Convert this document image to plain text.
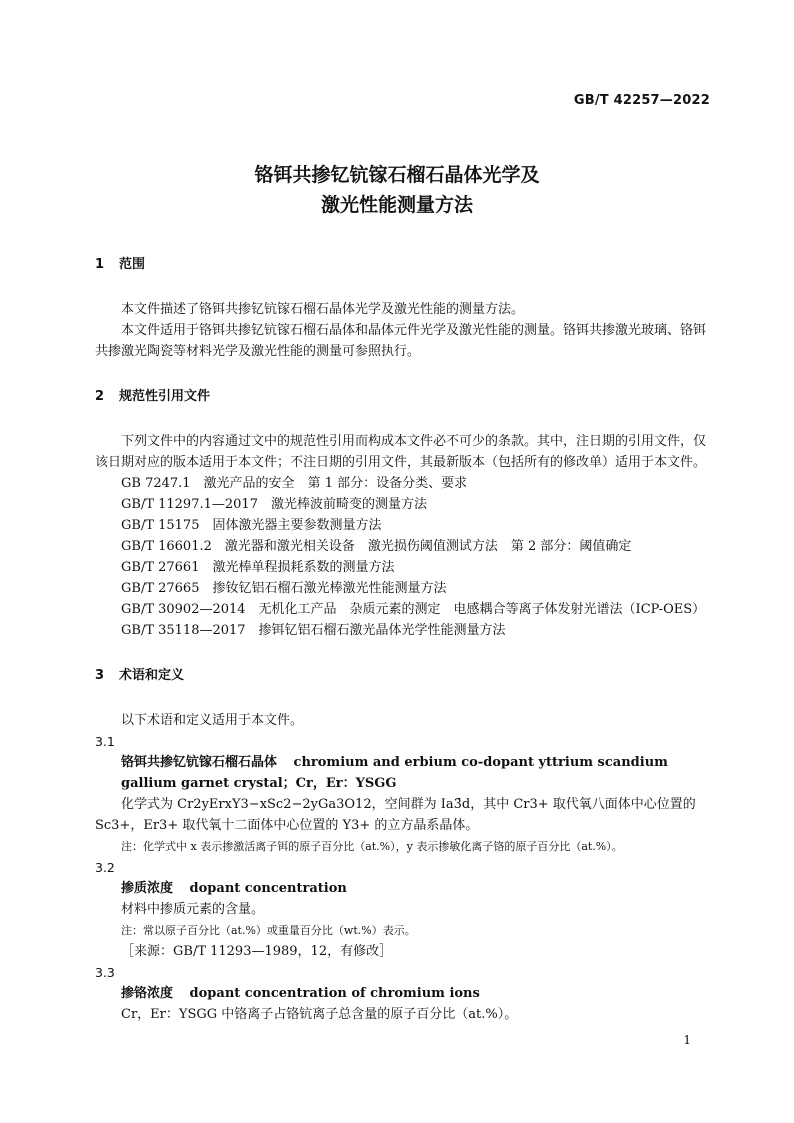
GB/T 42257—2022
铬铒共掺钇钪镓石榴石晶体光学及
激光性能测量方法

1 范围

本文件描述了铬铒共掺钇钪镓石榴石晶体光学及激光性能的测量方法。

本文件适用于铬铒共掺钇钪镓石榴石晶体和晶体元件光学及激光性能的测量。铬铒共掺激光玻璃、铬铒共掺激光陶瓷等材料光学及激光性能的测量可参照执行。

2 规范性引用文件

下列文件中的内容通过文中的规范性引用而构成本文件必不可少的条款。其中，注日期的引用文件，仅该日期对应的版本适用于本文件；不注日期的引用文件，其最新版本（包括所有的修改单）适用于本文件。

GB 7247.1　激光产品的安全　第 1 部分：设备分类、要求

GB/T 11297.1—2017　激光棒波前畸变的测量方法

GB/T 15175　固体激光器主要参数测量方法

GB/T 16601.2　激光器和激光相关设备　激光损伤阈值测试方法　第 2 部分：阈值确定

GB/T 27661　激光棒单程损耗系数的测量方法

GB/T 27665　掺钕钇铝石榴石激光棒激光性能测量方法

GB/T 30902—2014　无机化工产品　杂质元素的测定　电感耦合等离子体发射光谱法（ICP-OES）

GB/T 35118—2017　掺铒钇铝石榴石激光晶体光学性能测量方法

3 术语和定义

以下术语和定义适用于本文件。

3.1

铬铒共掺钇钪镓石榴石晶体 chromium and erbium co-dopant yttrium scandium gallium garnet crystal；Cr，Er：YSGG

化学式为 Cr2yErxY3−xSc2−2yGa3O12，空间群为 Ia3̄d，其中 Cr3+ 取代氧八面体中心位置的

Sc3+，Er3+ 取代氧十二面体中心位置的 Y3+ 的立方晶系晶体。

注：化学式中 x 表示掺激活离子铒的原子百分比（at.%），y 表示掺敏化离子铬的原子百分比（at.%）。

3.2

掺质浓度 dopant concentration

材料中掺质元素的含量。

注：常以原子百分比（at.%）或重量百分比（wt.%）表示。

［来源：GB/T 11293—1989，12，有修改］

3.3

掺铬浓度 dopant concentration of chromium ions

Cr，Er：YSGG 中铬离子占铬钪离子总含量的原子百分比（at.%）。

1
